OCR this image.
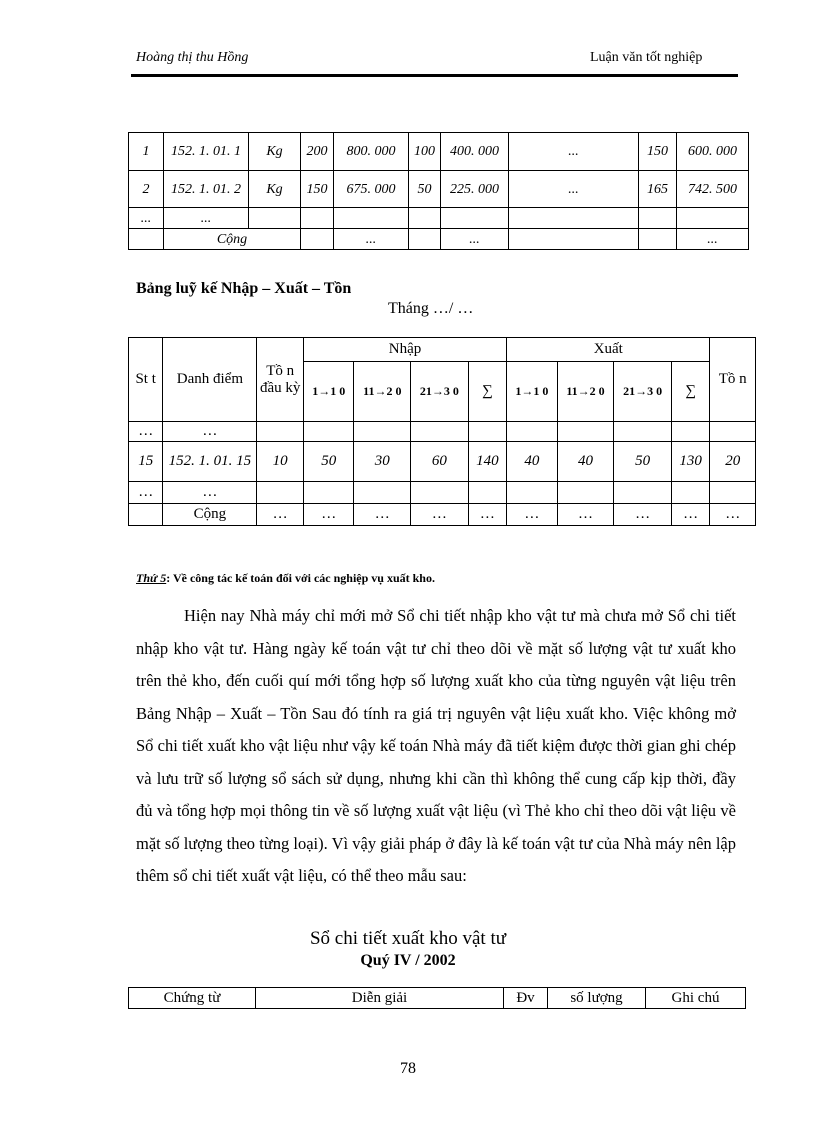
Hoàng thị thu Hồng	Luận văn tốt nghiệp
1	152. 1. 01. 1	Kg	200	800. 000	100	400. 000	...	150	600. 000
2	152. 1. 01. 2	Kg	150	675. 000	50	225. 000	...	165	742. 500
...	...								
	Cộng			...		...			...
Bảng luỹ kế Nhập – Xuất – Tồn
Tháng …/ …
St t	Danh điểm	Tồ n đầu kỳ	Nhập				Xuất				Tồ n
			1→1 0	11→2 0	21→3 0	∑	1→1 0	11→2 0	21→3 0	∑	
…	…										
15	152. 1. 01. 15	10	50	30	60	140	40	40	50	130	20
…	…										
	Cộng	…	…	…	…	…	…	…	…	…	…
Thứ 5: Về công tác kế toán đối với các nghiệp vụ xuất kho.
Hiện nay Nhà máy chỉ mới mở Sổ chi tiết nhập kho vật tư mà chưa mở Sổ chi tiết nhập kho vật tư. Hàng ngày kế toán vật tư chỉ theo dõi về mặt số lượng vật tư xuất kho trên thẻ kho, đến cuối quí mới tổng hợp số lượng xuất kho của từng nguyên vật liệu trên Bảng Nhập – Xuất – Tồn Sau đó tính ra giá trị nguyên vật liệu xuất kho. Việc không mở Sổ chi tiết xuất kho vật liệu như vậy kế toán Nhà máy đã tiết kiệm được thời gian ghi chép và lưu trữ số lượng sổ sách sử dụng, nhưng khi cần thì không thể cung cấp kịp thời, đầy đủ và tổng hợp mọi thông tin về số lượng xuất vật liệu (vì Thẻ kho chỉ theo dõi vật liệu về mặt số lượng theo từng loại). Vì vậy giải pháp ở đây là kế toán vật tư của Nhà máy nên lập thêm sổ chi tiết xuất vật liệu, có thể theo mẫu sau:
Sổ chi tiết xuất kho vật tư
Quý IV / 2002
Chứng từ	Diễn giải	Đv	số lượng	Ghi chú
78
